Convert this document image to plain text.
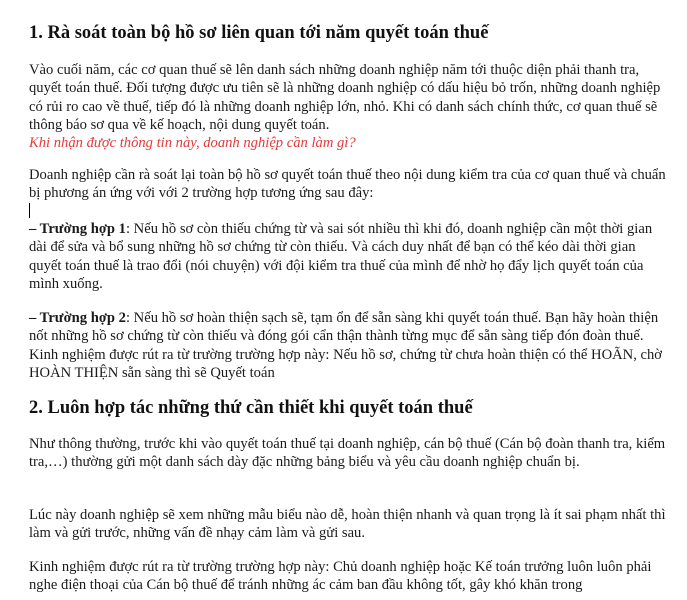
1. Rà soát toàn bộ hồ sơ liên quan tới năm quyết toán thuế

Vào cuối năm, các cơ quan thuế sẽ lên danh sách những doanh nghiệp năm tới thuộc diện phải thanh tra, quyết toán thuế. Đối tượng được ưu tiên sẽ là những doanh nghiệp có dấu hiệu bỏ trốn, những doanh nghiệp có rủi ro cao về thuế, tiếp đó là những doanh nghiệp lớn, nhỏ. Khi có danh sách chính thức, cơ quan thuế sẽ thông báo sơ qua về kế hoạch, nội dung quyết toán.

Khi nhận được thông tin này, doanh nghiệp cần làm gì?

Doanh nghiệp cần rà soát lại toàn bộ hồ sơ quyết toán thuế theo nội dung kiểm tra của cơ quan thuế và chuẩn bị phương án ứng với với 2 trường hợp tương ứng sau đây:

– Trường hợp 1: Nếu hồ sơ còn thiếu chứng từ và sai sót nhiều thì khi đó, doanh nghiệp cần một thời gian dài để sửa và bổ sung những hồ sơ chứng từ còn thiếu. Và cách duy nhất để bạn có thể kéo dài thời gian quyết toán thuế là trao đổi (nói chuyện) với đội kiểm tra thuế của mình để nhờ họ đẩy lịch quyết toán của mình xuống.

– Trường hợp 2: Nếu hồ sơ hoàn thiện sạch sẽ, tạm ổn để sẵn sàng khi quyết toán thuế. Bạn hãy hoàn thiện nốt những hồ sơ chứng từ còn thiếu và đóng gói cẩn thận thành từng mục để sẵn sàng tiếp đón đoàn thuế. Kinh nghiệm được rút ra từ trường trường hợp này: Nếu hồ sơ, chứng từ chưa hoàn thiện có thể HOÃN, chờ HOÀN THIỆN sẵn sàng thì sẽ Quyết toán

2. Luôn hợp tác những thứ cần thiết khi quyết toán thuế

Như thông thường, trước khi vào quyết toán thuế tại doanh nghiệp, cán bộ thuế (Cán bộ đoàn thanh tra, kiểm tra,…) thường gửi một danh sách dày đặc những bảng biểu và yêu cầu doanh nghiệp chuẩn bị.

Lúc này doanh nghiệp sẽ xem những mẫu biểu nào dễ, hoàn thiện nhanh và quan trọng là ít sai phạm nhất thì làm và gửi trước, những vấn đề nhạy cảm làm và gửi sau.

Kinh nghiệm được rút ra từ trường trường hợp này: Chủ doanh nghiệp hoặc Kế toán trưởng luôn luôn phải nghe điện thoại của Cán bộ thuế để tránh những ác cảm ban đầu không tốt, gây khó khăn trong
